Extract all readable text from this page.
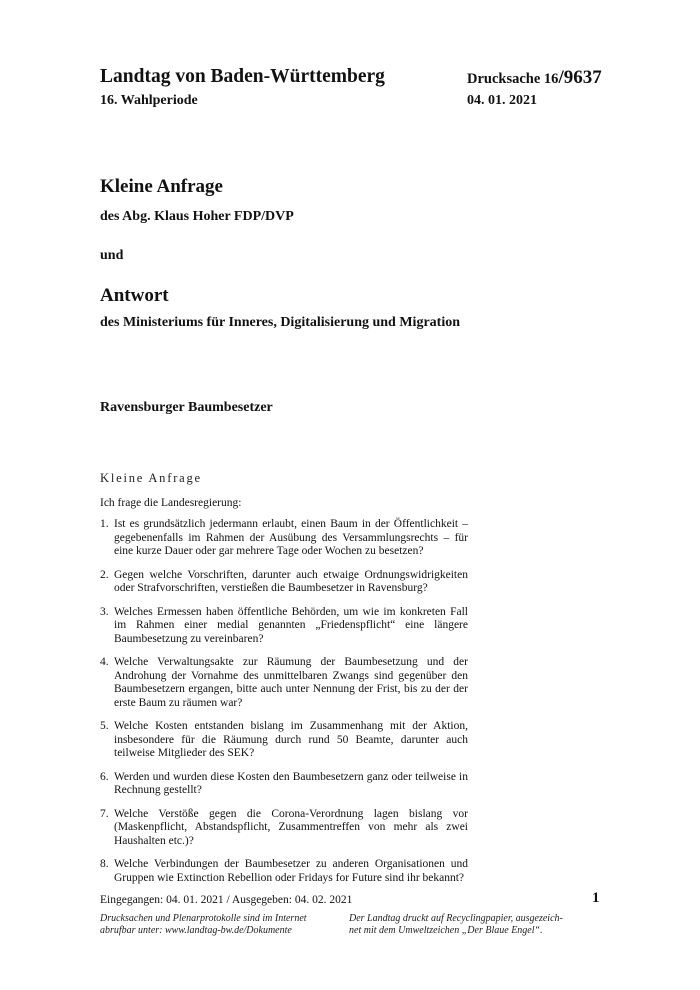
Landtag von Baden-Württemberg
16. Wahlperiode
Drucksache 16/9637
04. 01. 2021
Kleine Anfrage
des Abg. Klaus Hoher FDP/DVP
und
Antwort
des Ministeriums für Inneres, Digitalisierung und Migration
Ravensburger Baumbesetzer
Kleine Anfrage
Ich frage die Landesregierung:
1. Ist es grundsätzlich jedermann erlaubt, einen Baum in der Öffentlichkeit – gegebenenfalls im Rahmen der Ausübung des Versammlungsrechts – für eine kurze Dauer oder gar mehrere Tage oder Wochen zu besetzen?
2. Gegen welche Vorschriften, darunter auch etwaige Ordnungswidrigkeiten oder Strafvorschriften, verstießen die Baumbesetzer in Ravensburg?
3. Welches Ermessen haben öffentliche Behörden, um wie im konkreten Fall im Rahmen einer medial genannten „Friedenspflicht“ eine längere Baumbesetzung zu vereinbaren?
4. Welche Verwaltungsakte zur Räumung der Baumbesetzung und der Androhung der Vornahme des unmittelbaren Zwangs sind gegenüber den Baumbesetzern ergangen, bitte auch unter Nennung der Frist, bis zu der der erste Baum zu räumen war?
5. Welche Kosten entstanden bislang im Zusammenhang mit der Aktion, insbesondere für die Räumung durch rund 50 Beamte, darunter auch teilweise Mitglieder des SEK?
6. Werden und wurden diese Kosten den Baumbesetzern ganz oder teilweise in Rechnung gestellt?
7. Welche Verstöße gegen die Corona-Verordnung lagen bislang vor (Maskenpflicht, Abstandspflicht, Zusammentreffen von mehr als zwei Haushalten etc.)?
8. Welche Verbindungen der Baumbesetzer zu anderen Organisationen und Gruppen wie Extinction Rebellion oder Fridays for Future sind ihr bekannt?
Eingegangen: 04. 01. 2021 / Ausgegeben: 04. 02. 2021	1
Drucksachen und Plenarprotokolle sind im Internet
abrufbar unter: www.landtag-bw.de/Dokumente
Der Landtag druckt auf Recyclingpapier, ausgezeich-
net mit dem Umweltzeichen „Der Blaue Engel“.
